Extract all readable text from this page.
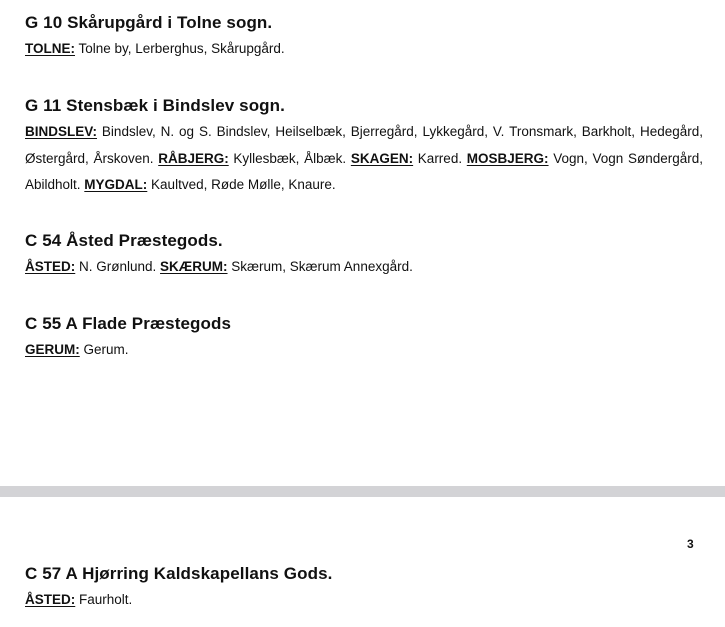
G 10 Skårupgård i Tolne sogn.

TOLNE: Tolne by, Lerberghus, Skårupgård.

G 11 Stensbæk i Bindslev sogn.

BINDSLEV: Bindslev, N. og S. Bindslev, Heilselbæk, Bjerregård, Lykkegård, V. Tronsmark, Barkholt, Hedegård, Østergård, Årskoven. RÅBJERG: Kyllesbæk, Ålbæk. SKAGEN: Karred. MOSBJERG: Vogn, Vogn Søndergård, Abildholt. MYGDAL: Kaultved, Røde Mølle, Knaure.

C 54 Åsted Præstegods.

ÅSTED: N. Grønlund. SKÆRUM: Skærum, Skærum Annexgård.

C 55 A Flade Præstegods

GERUM: Gerum.

3
C 57 A Hjørring Kaldskapellans Gods.

ÅSTED: Faurholt.
